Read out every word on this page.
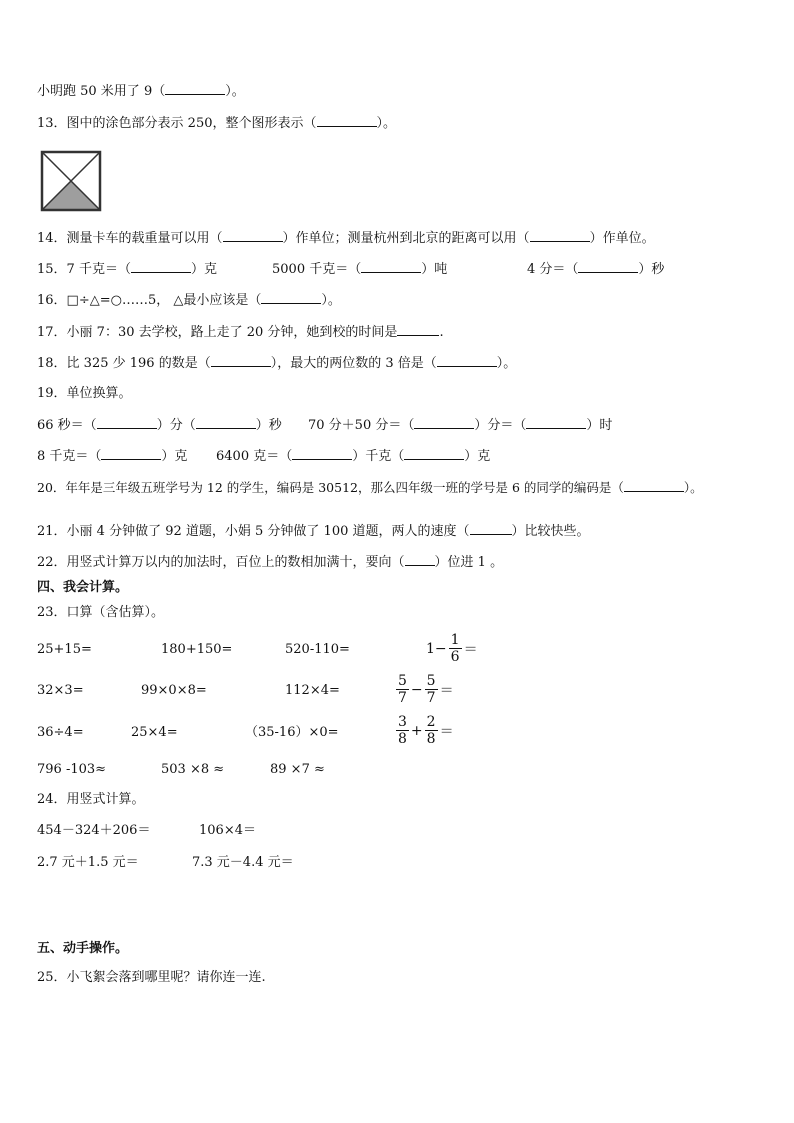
小明跑 50 米用了 9（	）。
13．图中的涂色部分表示 250，整个图形表示（	）。
14．测量卡车的载重量可以用（	）作单位；测量杭州到北京的距离可以用（	）作单位。
15．7 千克＝（	）克	5000 千克＝（	）吨	4 分＝（	）秒
16．□÷△=○……5， △最小应该是（	）。
17．小丽 7：30 去学校，路上走了 20 分钟，她到校的时间是	.
18．比 325 少 196 的数是（	），最大的两位数的 3 倍是（	）。
19．单位换算。
66 秒＝（	）分（	）秒 70 分＋50 分＝（	）分＝（	）时
8 千克＝（	）克 6400 克＝（	）千克（	）克
20．年年是三年级五班学号为 12 的学生，编码是 30512，那么四年级一班的学号是 6 的同学的编码是（	）。
21．小丽 4 分钟做了 92 道题，小娟 5 分钟做了 100 道题，两人的速度（	）比较快些。
22．用竖式计算万以内的加法时，百位上的数相加满十，要向（ ）位进 1 。
四、我会计算。
23．口算（含估算）。
25+15=	180+150=	520-110=	$1- \frac{1}{6}$ ＝
32×3=	99×0×8=	112×4=	$\frac{5}{7} - \frac{5}{7}$ ＝
36÷4=	25×4=	（35-16）×0=	$\frac{3}{8} + \frac{2}{8}$ ＝
796 -103≈	503 ×8 ≈	89 ×7 ≈
24．用竖式计算。
454－324＋206＝	106×4＝
2.7 元＋1.5 元＝	7.3 元－4.4 元＝
五、动手操作。
25．小飞絮会落到哪里呢？请你连一连.
